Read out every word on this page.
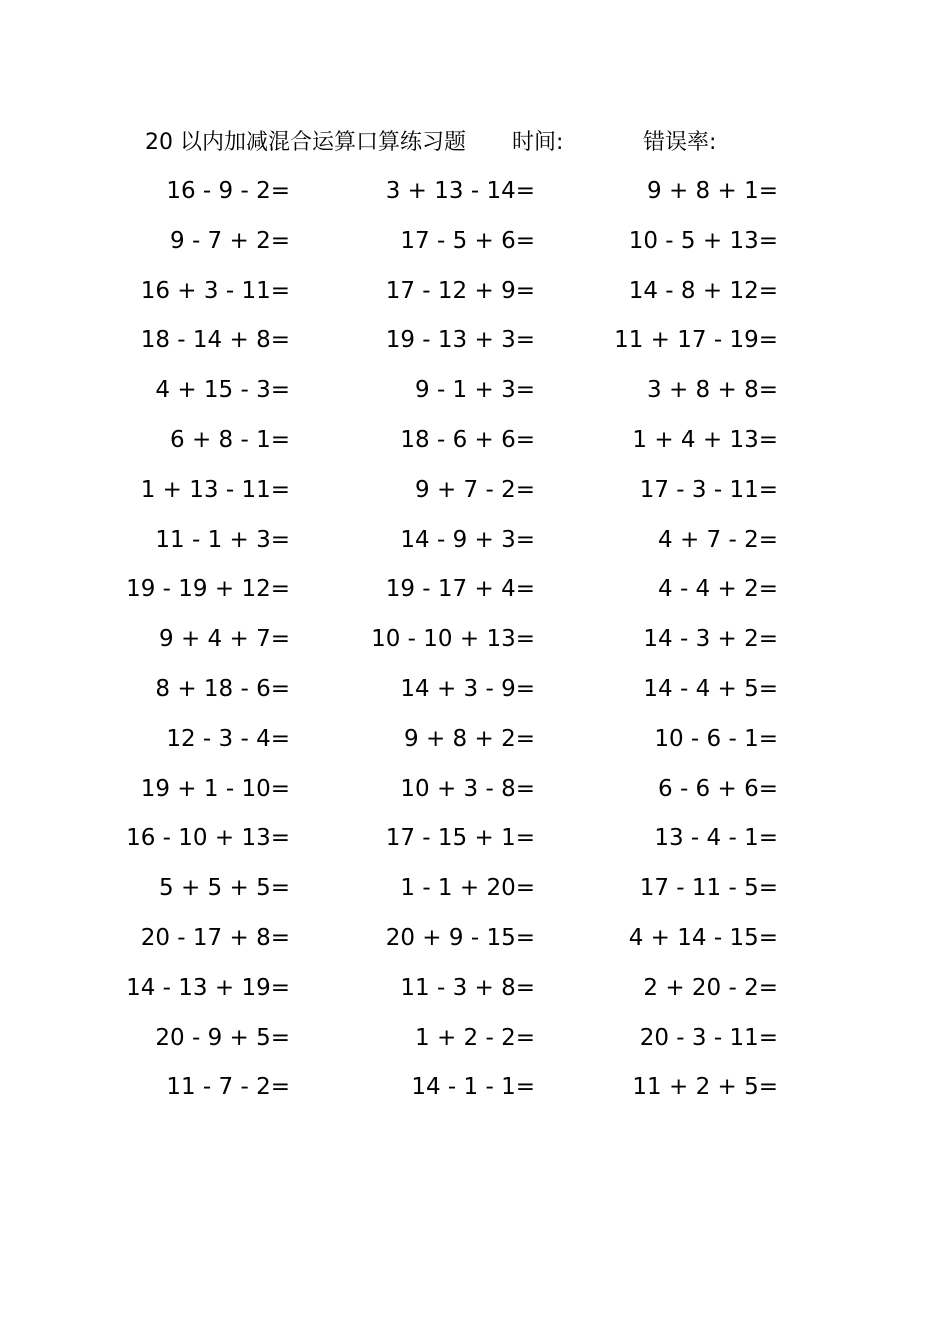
20 以内加减混合运算口算练习题 时间:	错误率:
16 - 9 - 2=	3 + 13 - 14=	9 + 8 + 1=
9 - 7 + 2=	17 - 5 + 6=	10 - 5 + 13=
16 + 3 - 11=	17 - 12 + 9=	14 - 8 + 12=
18 - 14 + 8=	19 - 13 + 3=	11 + 17 - 19=
4 + 15 - 3=	9 - 1 + 3=	3 + 8 + 8=
6 + 8 - 1=	18 - 6 + 6=	1 + 4 + 13=
1 + 13 - 11=	9 + 7 - 2=	17 - 3 - 11=
11 - 1 + 3=	14 - 9 + 3=	4 + 7 - 2=
19 - 19 + 12=	19 - 17 + 4=	4 - 4 + 2=
9 + 4 + 7=	10 - 10 + 13=	14 - 3 + 2=
8 + 18 - 6=	14 + 3 - 9=	14 - 4 + 5=
12 - 3 - 4=	9 + 8 + 2=	10 - 6 - 1=
19 + 1 - 10=	10 + 3 - 8=	6 - 6 + 6=
16 - 10 + 13=	17 - 15 + 1=	13 - 4 - 1=
5 + 5 + 5=	1 - 1 + 20=	17 - 11 - 5=
20 - 17 + 8=	20 + 9 - 15=	4 + 14 - 15=
14 - 13 + 19=	11 - 3 + 8=	2 + 20 - 2=
20 - 9 + 5=	1 + 2 - 2=	20 - 3 - 11=
11 - 7 - 2=	14 - 1 - 1=	11 + 2 + 5=
